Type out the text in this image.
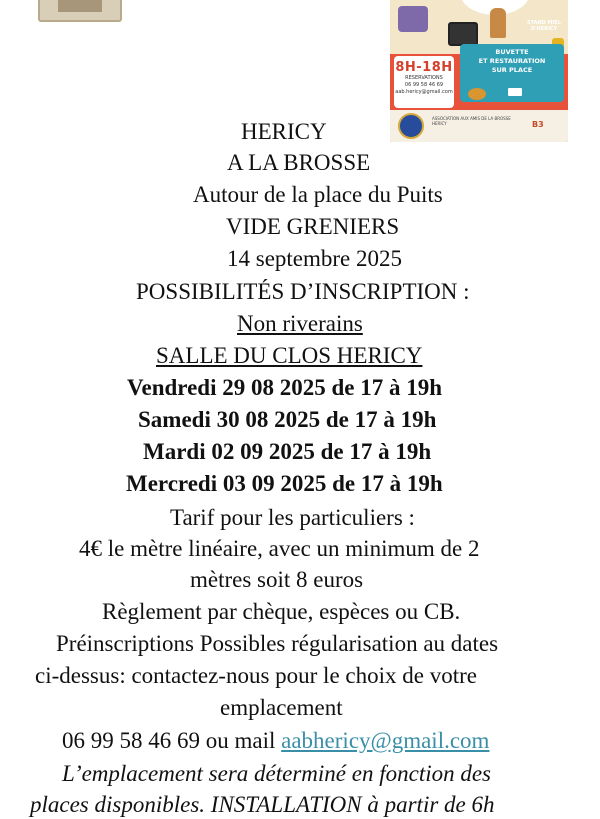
STAND MIEL D'HERICY
8H-18H
RESERVATIONS
06 99 58 46 69
aab.hericy@gmail.com
BUVETTE
ET RESTAURATION
SUR PLACE
ASSOCIATION AUX AMIS DE LA BROSSE HERICY	B3
HERICY
A LA BROSSE
Autour de la place du Puits
VIDE GRENIERS
14 septembre 2025
POSSIBILITÉS D’INSCRIPTION :
Non riverains
SALLE DU CLOS HERICY
Vendredi 29 08 2025 de 17 à 19h
Samedi 30 08 2025 de 17 à 19h
Mardi 02 09 2025 de 17 à 19h
Mercredi 03 09 2025 de 17 à 19h
Tarif pour les particuliers :
4€ le mètre linéaire, avec un minimum de 2
mètres soit 8 euros
Règlement par chèque, espèces ou CB.
Préinscriptions Possibles régularisation au dates
ci-dessus: contactez-nous pour le choix de votre
emplacement
06 99 58 46 69 ou mail aabhericy@gmail.com
L’emplacement sera déterminé en fonction des
places disponibles. INSTALLATION à partir de 6h
